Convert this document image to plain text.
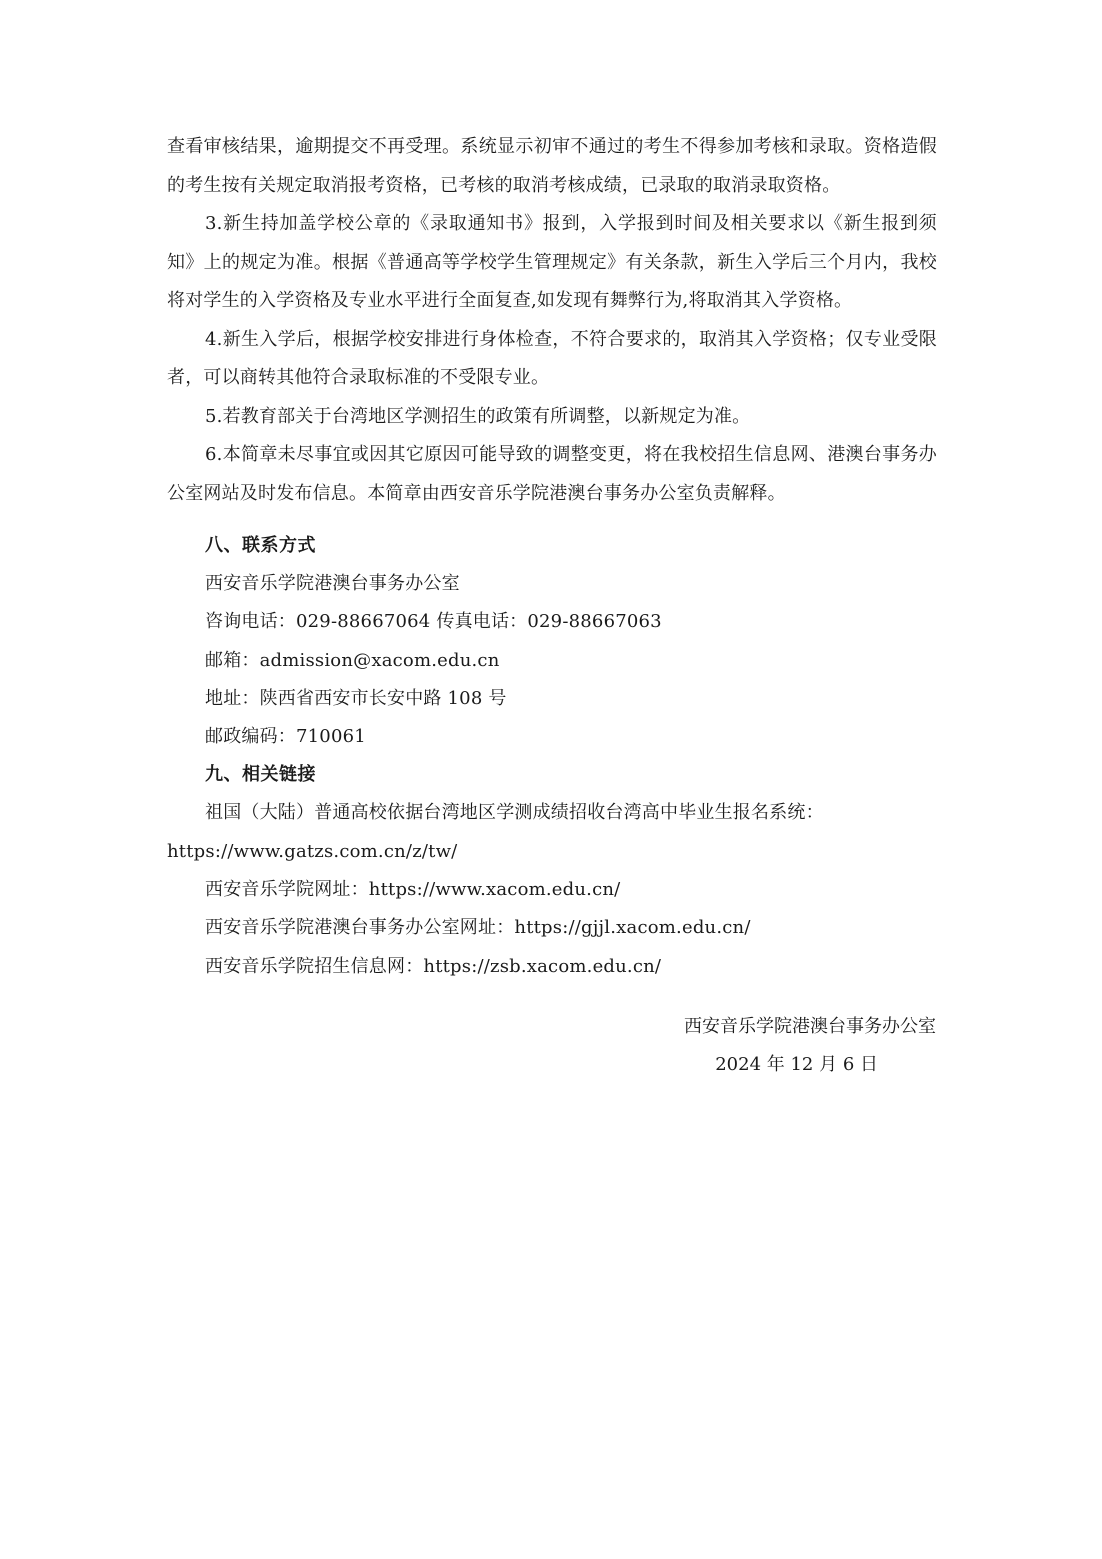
查看审核结果，逾期提交不再受理。系统显示初审不通过的考生不得参加考核和录取。资格造假的考生按有关规定取消报考资格，已考核的取消考核成绩，已录取的取消录取资格。

3.新生持加盖学校公章的《录取通知书》报到，入学报到时间及相关要求以《新生报到须知》上的规定为准。根据《普通高等学校学生管理规定》有关条款，新生入学后三个月内，我校将对学生的入学资格及专业水平进行全面复查,如发现有舞弊行为,将取消其入学资格。

4.新生入学后，根据学校安排进行身体检查，不符合要求的，取消其入学资格；仅专业受限者，可以商转其他符合录取标准的不受限专业。

5.若教育部关于台湾地区学测招生的政策有所调整，以新规定为准。

6.本简章未尽事宜或因其它原因可能导致的调整变更，将在我校招生信息网、港澳台事务办公室网站及时发布信息。本简章由西安音乐学院港澳台事务办公室负责解释。

八、联系方式

西安音乐学院港澳台事务办公室

咨询电话：029-88667064 传真电话：029-88667063

邮箱：admission@xacom.edu.cn

地址：陕西省西安市长安中路 108 号

邮政编码：710061

九、相关链接

祖国（大陆）普通高校依据台湾地区学测成绩招收台湾高中毕业生报名系统：

https://www.gatzs.com.cn/z/tw/

西安音乐学院网址：https://www.xacom.edu.cn/

西安音乐学院港澳台事务办公室网址：https://gjjl.xacom.edu.cn/

西安音乐学院招生信息网：https://zsb.xacom.edu.cn/

西安音乐学院港澳台事务办公室
2024 年 12 月 6 日
